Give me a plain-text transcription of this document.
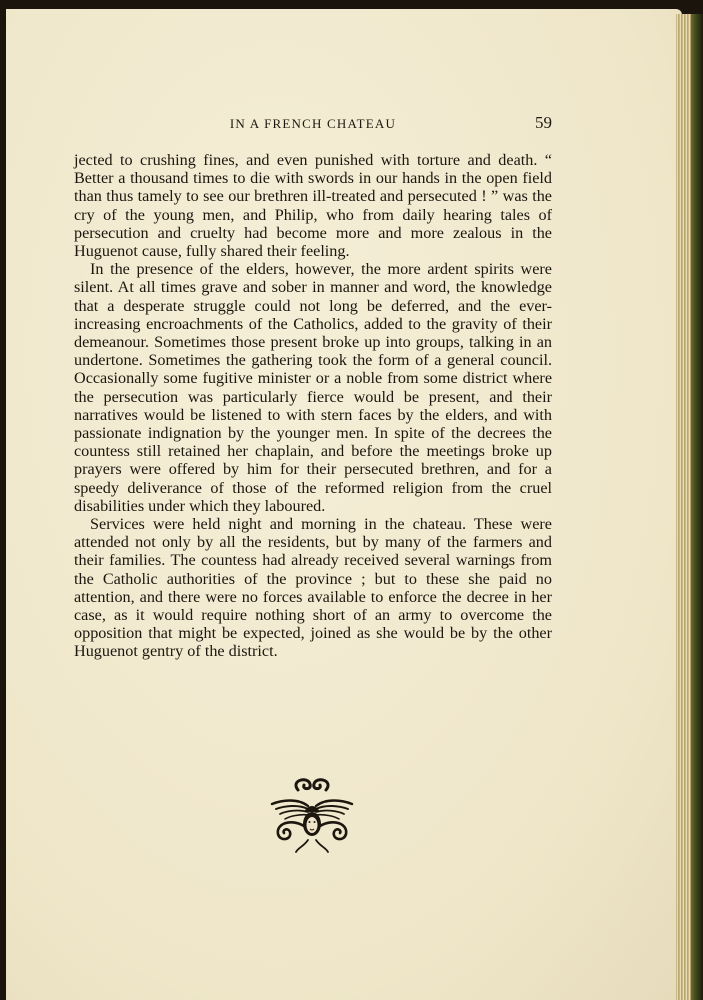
IN A FRENCH CHATEAU	59

jected to crushing fines, and even punished with torture and death. “ Better a thousand times to die with swords in our hands in the open field than thus tamely to see our brethren ill-treated and persecuted ! ” was the cry of the young men, and Philip, who from daily hearing tales of persecution and cruelty had become more and more zealous in the Huguenot cause, fully shared their feeling.

In the presence of the elders, however, the more ardent spirits were silent. At all times grave and sober in manner and word, the knowledge that a desperate struggle could not long be deferred, and the ever-increasing encroachments of the Catholics, added to the gravity of their demeanour. Sometimes those present broke up into groups, talking in an undertone. Sometimes the gathering took the form of a general council. Occasionally some fugitive minister or a noble from some district where the persecution was particularly fierce would be present, and their narratives would be listened to with stern faces by the elders, and with passionate indignation by the younger men. In spite of the decrees the countess still retained her chaplain, and before the meetings broke up prayers were offered by him for their persecuted brethren, and for a speedy deliverance of those of the reformed religion from the cruel disabilities under which they laboured.

Services were held night and morning in the chateau. These were attended not only by all the residents, but by many of the farmers and their families. The countess had already received several warnings from the Catholic authorities of the province ; but to these she paid no attention, and there were no forces available to enforce the decree in her case, as it would require nothing short of an army to overcome the opposition that might be expected, joined as she would be by the other Huguenot gentry of the district.
